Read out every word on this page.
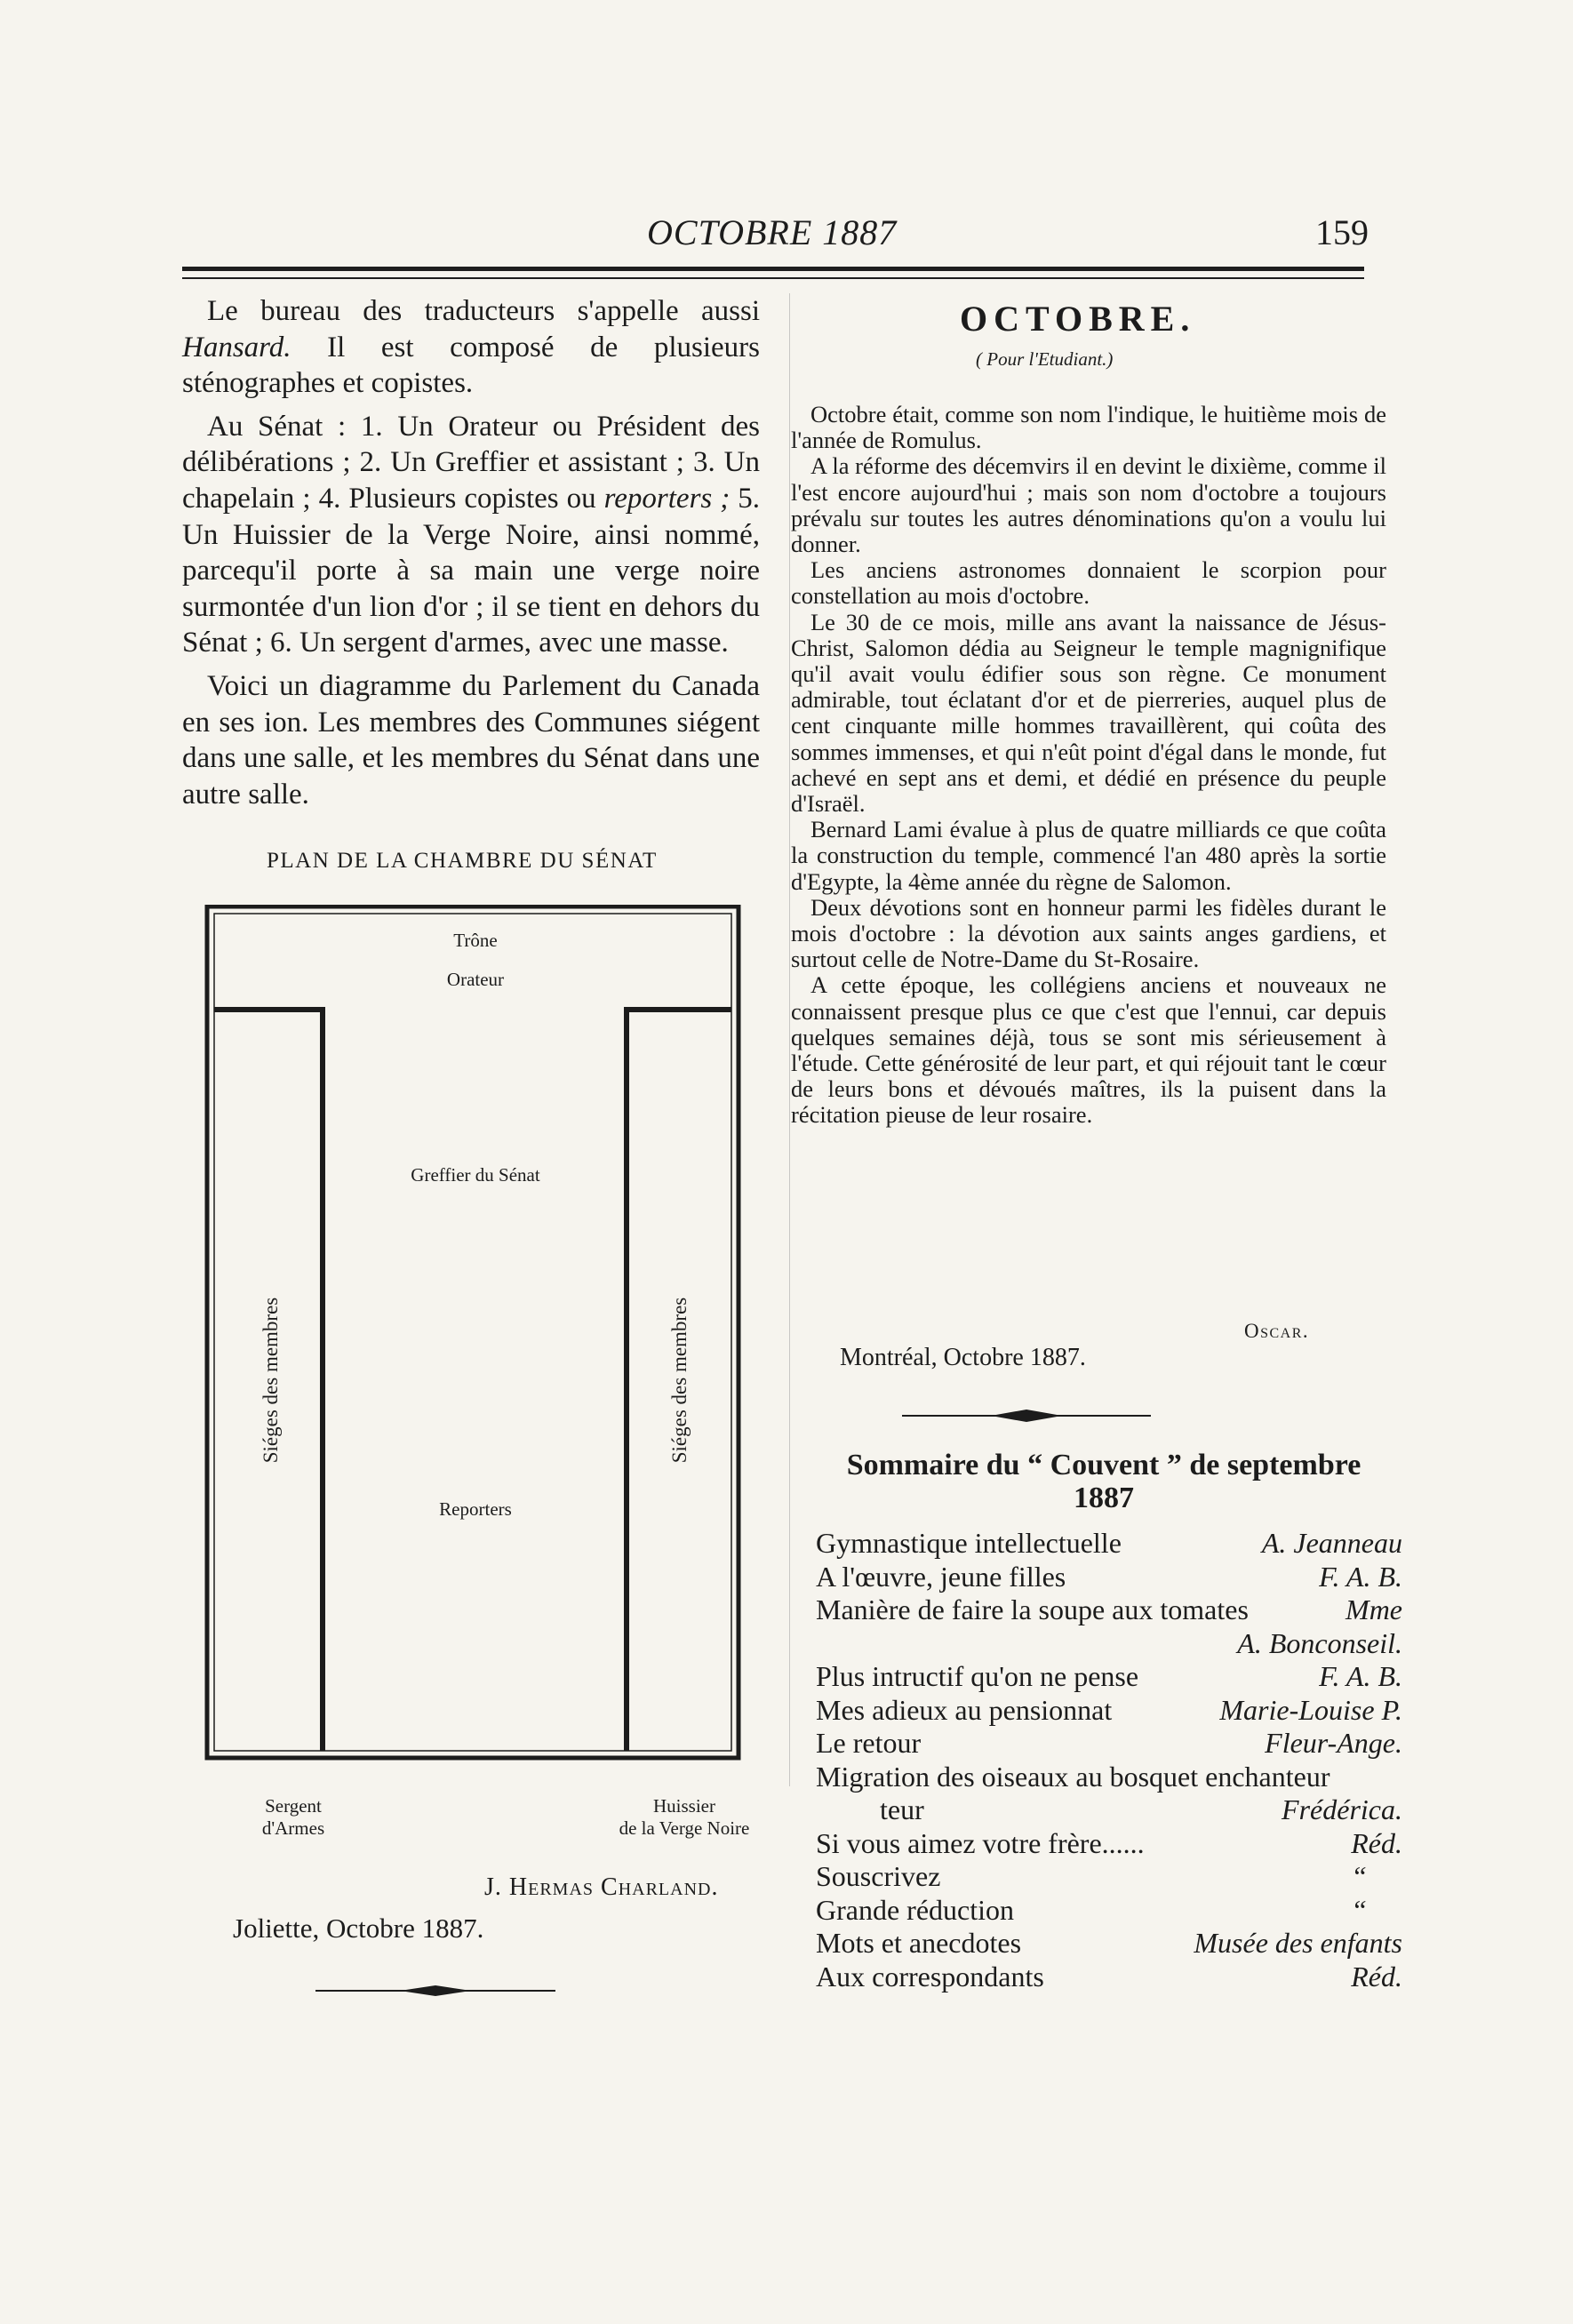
OCTOBRE 1887	159

Le bureau des traducteurs s'appelle aussi Hansard. Il est composé de plusieurs sténographes et copistes.

Au Sénat : 1. Un Orateur ou Président des délibérations ; 2. Un Greffier et assistant ; 3. Un chapelain ; 4. Plusieurs copistes ou reporters ; 5. Un Huissier de la Verge Noire, ainsi nommé, parcequ'il porte à sa main une verge noire surmontée d'un lion d'or ; il se tient en dehors du Sénat ; 6. Un sergent d'armes, avec une masse.

Voici un diagramme du Parlement du Canada en ses ion. Les membres des Communes siégent dans une salle, et les membres du Sénat dans une autre salle.

PLAN DE LA CHAMBRE DU SÉNAT
Trône
Orateur
Greffier du Sénat
Reporters
Siéges des membres	Siéges des membres
Sergent
d'Armes
Huissier
de la Verge Noire
J. Hermas Charland.
Joliette, Octobre 1887.
OCTOBRE.
( Pour l'Etudiant.)

Octobre était, comme son nom l'indique, le huitième mois de l'année de Romulus.

A la réforme des décemvirs il en devint le dixième, comme il l'est encore aujourd'hui ; mais son nom d'octobre a toujours prévalu sur toutes les autres dénominations qu'on a voulu lui donner.

Les anciens astronomes donnaient le scorpion pour constellation au mois d'octobre.

Le 30 de ce mois, mille ans avant la naissance de Jésus-Christ, Salomon dédia au Seigneur le temple magnignifique qu'il avait voulu édifier sous son règne. Ce monument admirable, tout éclatant d'or et de pierreries, auquel plus de cent cinquante mille hommes travaillèrent, qui coûta des sommes immenses, et qui n'eût point d'égal dans le monde, fut achevé en sept ans et demi, et dédié en présence du peuple d'Israël.

Bernard Lami évalue à plus de quatre milliards ce que coûta la construction du temple, commencé l'an 480 après la sortie d'Egypte, la 4ème année du règne de Salomon.

Deux dévotions sont en honneur parmi les fidèles durant le mois d'octobre : la dévotion aux saints anges gardiens, et surtout celle de Notre-Dame du St-Rosaire.

A cette époque, les collégiens anciens et nouveaux ne connaissent presque plus ce que c'est que l'ennui, car depuis quelques semaines déjà, tous se sont mis sérieusement à l'étude. Cette générosité de leur part, et qui réjouit tant le cœur de leurs bons et dévoués maîtres, ils la puisent dans la récitation pieuse de leur rosaire.

Oscar.
Montréal, Octobre 1887.
Sommaire du “ Couvent ” de septembre
1887
Gymnastique intellectuelle	A. Jeanneau
A l'œuvre, jeune filles	F. A. B.
Manière de faire la soupe aux tomates	Mme
A. Bonconseil.
Plus intructif qu'on ne pense	F. A. B.
Mes adieux au pensionnat	Marie-Louise P.
Le retour	Fleur-Ange.
Migration des oiseaux au bosquet enchanteur
teur	Frédérica.
Si vous aimez votre frère......	Réd.
Souscrivez	“
Grande réduction	“
Mots et anecdotes	Musée des enfants
Aux correspondants	Réd.
